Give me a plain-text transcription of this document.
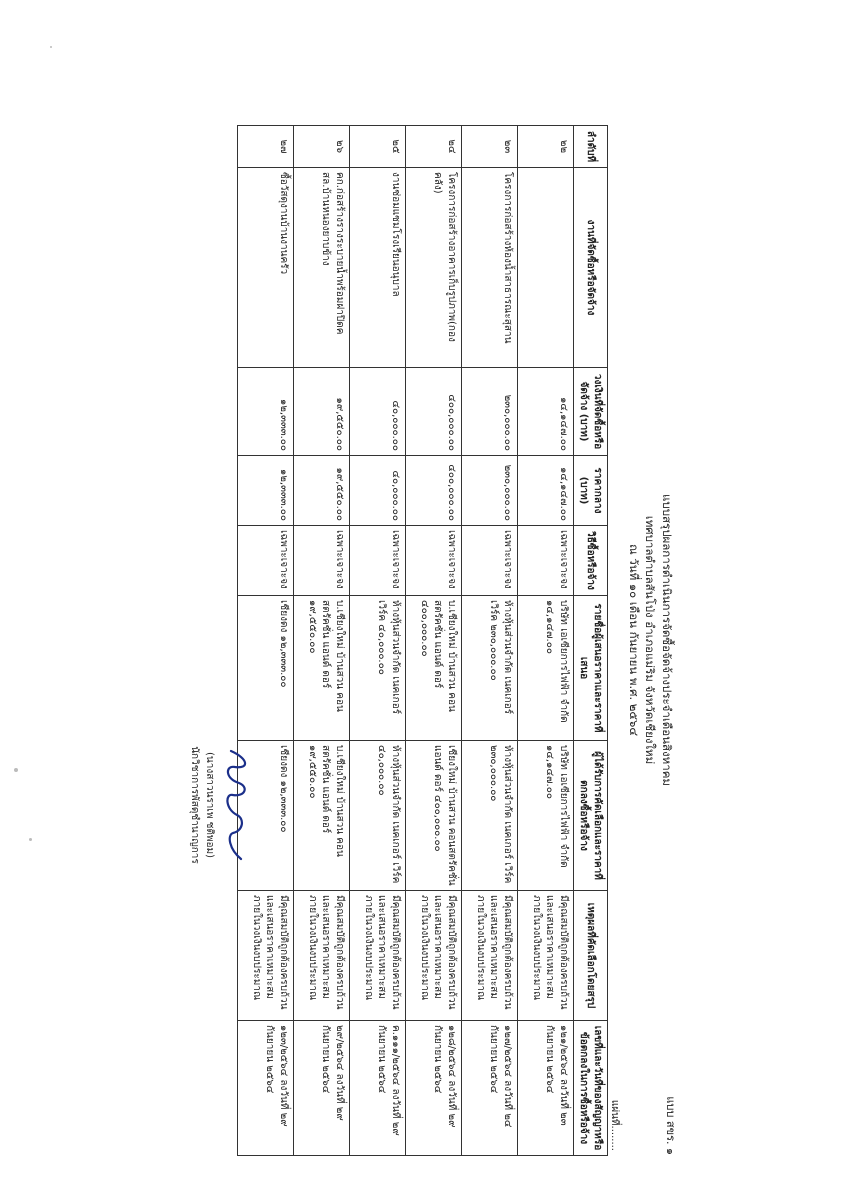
แบบ สขร. ๑
แบบสรุปผลการดำเนินการจัดซื้อจัดจ้างประจำเดือนสิงหาคม
เทศบาลตำบลสันโป่ง อำเภอแม่ริม จังหวัดเชียงใหม่
ณ วันที่ ๑๐ เดือน กันยายน พ.ศ. ๒๕๖๔
แผ่นที่........
ลำดับที่	งานที่จัดซื้อหรือจัดจ้าง	วงเงินที่จัดซื้อหรือจัดจ้าง (บาท)	ราคากลาง (บาท)	วิธีซื้อหรือจ้าง	รายชื่อผู้เสนอราคาและราคาที่เสนอ	ผู้ได้รับการคัดเลือกและราคาที่ตกลงซื้อหรือจ้าง	เหตุผลที่คัดเลือกโดยสรุป	เลขที่และวันที่ของสัญญาหรือข้อตกลงในการซื้อหรือจ้าง
๒๒		๑๔,๑๔๗.๐๐	๑๔,๑๔๗.๐๐	เฉพาะเจาะจง	บริษัท เอเซียการไฟฟ้า จำกัด ๑๔,๑๔๗.๐๐	บริษัท เอเซียการไฟฟ้า จำกัด ๑๔,๑๔๗.๐๐	มีคุณสมบัติถูกต้องครบถ้วน และเสนอราคาเหมาะสม ภายในวงเงินงบประมาณ	๑๒๑/๒๕๖๔ ลงวันที่ ๒๓ กันยายน ๒๕๖๔
๒๓	โครงการก่อสร้างห้องน้ำสาธารณะสุสาน	๒๓๐,๐๐๐.๐๐	๒๓๐,๐๐๐.๐๐	เฉพาะเจาะจง	ห้างหุ้นส่วนจำกัด เนคเกอร์ เวิร์ค ๒๓๐,๐๐๐.๐๐	ห้างหุ้นส่วนจำกัด เนคเกอร์ เวิร์ค ๒๓๐,๐๐๐.๐๐	มีคุณสมบัติถูกต้องครบถ้วน และเสนอราคาเหมาะสม ภายในวงเงินงบประมาณ	๑๒๗/๒๕๖๔ ลงวันที่ ๒๔ กันยายน ๒๕๖๔
๒๔	โครงการก่อสร้างอาคารเก็บรูปภาพ(กองคลัง)	๔๐๐,๐๐๐.๐๐	๔๐๐,๐๐๐.๐๐	เฉพาะเจาะจง	บ.เชียงใหม่ บ้านสวน คอนสตรัคชั่น แอนด์ ดอร์ ๔๐๐,๐๐๐.๐๐	เชียงใหม่ บ้านสวน คอนสตรัคชั่น แอนด์ ดอร์ ๔๐๐,๐๐๐.๐๐	มีคุณสมบัติถูกต้องครบถ้วน และเสนอราคาเหมาะสม ภายในวงเงินงบประมาณ	๑๒๘/๒๕๖๔ ลงวันที่ ๒๙ กันยายน ๒๕๖๔
๒๕	งานซ่อมแซมโรงเรียนอนุบาล	๔๐,๐๐๐.๐๐	๔๐,๐๐๐.๐๐	เฉพาะเจาะจง	ห้างหุ้นส่วนจำกัด เนคเกอร์ เวิร์ค ๔๐,๐๐๐.๐๐	ห้างหุ้นส่วนจำกัด เนคเกอร์ เวิร์ค ๔๐,๐๐๐.๐๐	มีคุณสมบัติถูกต้องครบถ้วน และเสนอราคาเหมาะสม ภายในวงเงินงบประมาณ	ค.๑๑๑/๒๕๖๔ ลงวันที่ ๒๙ กันยายน ๒๕๖๔
๒๖	คก.ก่อสร้างรางระบายน้ำพร้อมฝาปิดคสล.บ้านหนองยาบข้าง	๑๙,๕๕๐.๐๐	๑๙,๕๕๐.๐๐	เฉพาะเจาะจง	บ.เชียงใหม่ บ้านสวน คอนสตรัคชั่น แอนด์ ดอร์ ๑๙,๕๕๐.๐๐	บ.เชียงใหม่ บ้านสวน คอนสตรัคชั่น แอนด์ ดอร์ ๑๙,๕๕๐.๐๐	มีคุณสมบัติถูกต้องครบถ้วน และเสนอราคาเหมาะสม ภายในวงเงินงบประมาณ	๒๙/๒๕๖๔ ลงวันที่ ๒๙ กันยายน ๒๕๖๔
๒๗	ซื้อวัสดุงานบ้านงานครัว	๑๒,๓๓๓.๐๐	๑๒,๓๓๓.๐๐	เฉพาะเจาะจง	เชียงดง ๑๒,๓๓๓.๐๐	เชียงดง ๑๒,๓๓๓.๐๐	มีคุณสมบัติถูกต้องครบถ้วน และเสนอราคาเหมาะสม ภายในวงเงินงบประมาณ	๑๒๓/๒๕๖๔ ลงวันที่ ๒๙ กันยายน ๒๕๖๔
(นางสาวนราเพ ชติพอม)
นักวิชาการพัสดุชำนาญการ
